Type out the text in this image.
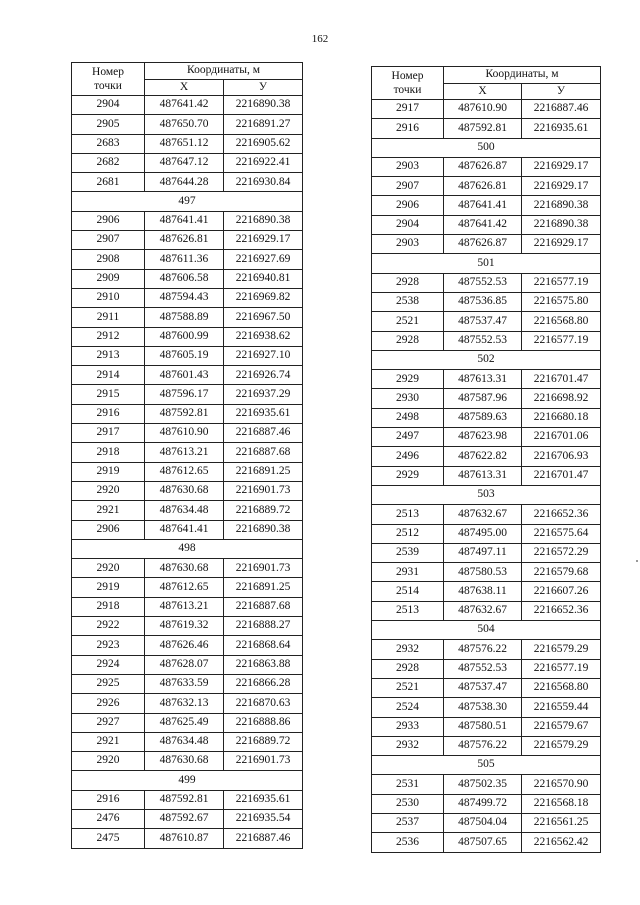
162
Номер
точки	Координаты, м	
	X	У
2904	487641.42	2216890.38
2905	487650.70	2216891.27
2683	487651.12	2216905.62
2682	487647.12	2216922.41
2681	487644.28	2216930.84
497		
2906	487641.41	2216890.38
2907	487626.81	2216929.17
2908	487611.36	2216927.69
2909	487606.58	2216940.81
2910	487594.43	2216969.82
2911	487588.89	2216967.50
2912	487600.99	2216938.62
2913	487605.19	2216927.10
2914	487601.43	2216926.74
2915	487596.17	2216937.29
2916	487592.81	2216935.61
2917	487610.90	2216887.46
2918	487613.21	2216887.68
2919	487612.65	2216891.25
2920	487630.68	2216901.73
2921	487634.48	2216889.72
2906	487641.41	2216890.38
498		
2920	487630.68	2216901.73
2919	487612.65	2216891.25
2918	487613.21	2216887.68
2922	487619.32	2216888.27
2923	487626.46	2216868.64
2924	487628.07	2216863.88
2925	487633.59	2216866.28
2926	487632.13	2216870.63
2927	487625.49	2216888.86
2921	487634.48	2216889.72
2920	487630.68	2216901.73
499		
2916	487592.81	2216935.61
2476	487592.67	2216935.54
2475	487610.87	2216887.46
Номер
точки	Координаты, м	
	X	У
2917	487610.90	2216887.46
2916	487592.81	2216935.61
500		
2903	487626.87	2216929.17
2907	487626.81	2216929.17
2906	487641.41	2216890.38
2904	487641.42	2216890.38
2903	487626.87	2216929.17
501		
2928	487552.53	2216577.19
2538	487536.85	2216575.80
2521	487537.47	2216568.80
2928	487552.53	2216577.19
502		
2929	487613.31	2216701.47
2930	487587.96	2216698.92
2498	487589.63	2216680.18
2497	487623.98	2216701.06
2496	487622.82	2216706.93
2929	487613.31	2216701.47
503		
2513	487632.67	2216652.36
2512	487495.00	2216575.64
2539	487497.11	2216572.29
2931	487580.53	2216579.68
2514	487638.11	2216607.26
2513	487632.67	2216652.36
504		
2932	487576.22	2216579.29
2928	487552.53	2216577.19
2521	487537.47	2216568.80
2524	487538.30	2216559.44
2933	487580.51	2216579.67
2932	487576.22	2216579.29
505		
2531	487502.35	2216570.90
2530	487499.72	2216568.18
2537	487504.04	2216561.25
2536	487507.65	2216562.42
